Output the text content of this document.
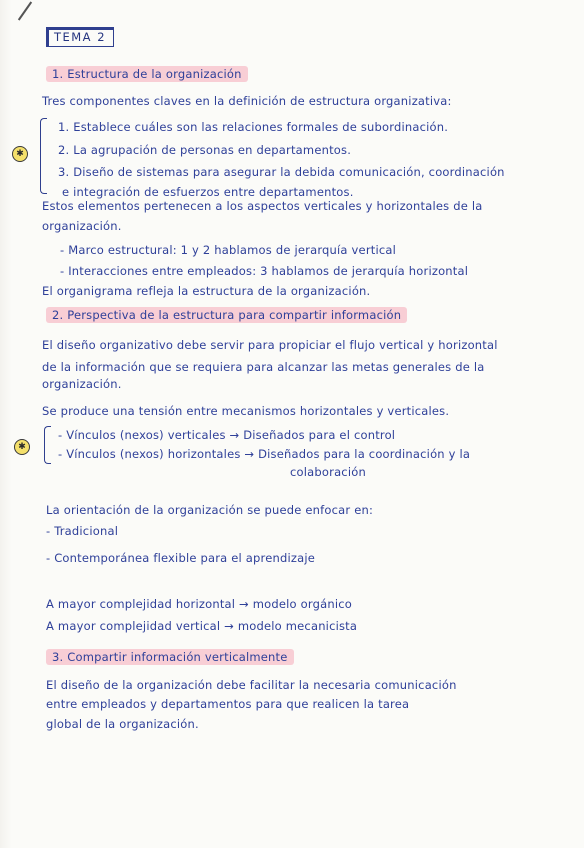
TEMA 2
1. Estructura de la organización
Tres componentes claves en la definición de estructura organizativa:
✱
1. Establece cuáles son las relaciones formales de subordinación.
2. La agrupación de personas en departamentos.
3. Diseño de sistemas para asegurar la debida comunicación, coordinación
e integración de esfuerzos entre departamentos.
Estos elementos pertenecen a los aspectos verticales y horizontales de la
organización.
- Marco estructural: 1 y 2 hablamos de jerarquía vertical
- Interacciones entre empleados: 3 hablamos de jerarquía horizontal
El organigrama refleja la estructura de la organización.
2. Perspectiva de la estructura para compartir información
El diseño organizativo debe servir para propiciar el flujo vertical y horizontal
de la información que se requiera para alcanzar las metas generales de la
organización.
Se produce una tensión entre mecanismos horizontales y verticales.
✱
- Vínculos (nexos) verticales → Diseñados para el control
- Vínculos (nexos) horizontales → Diseñados para la coordinación y la
colaboración
La orientación de la organización se puede enfocar en:
- Tradicional
- Contemporánea flexible para el aprendizaje
A mayor complejidad horizontal → modelo orgánico
A mayor complejidad vertical → modelo mecanicista
3. Compartir información verticalmente
El diseño de la organización debe facilitar la necesaria comunicación
entre empleados y departamentos para que realicen la tarea
global de la organización.
